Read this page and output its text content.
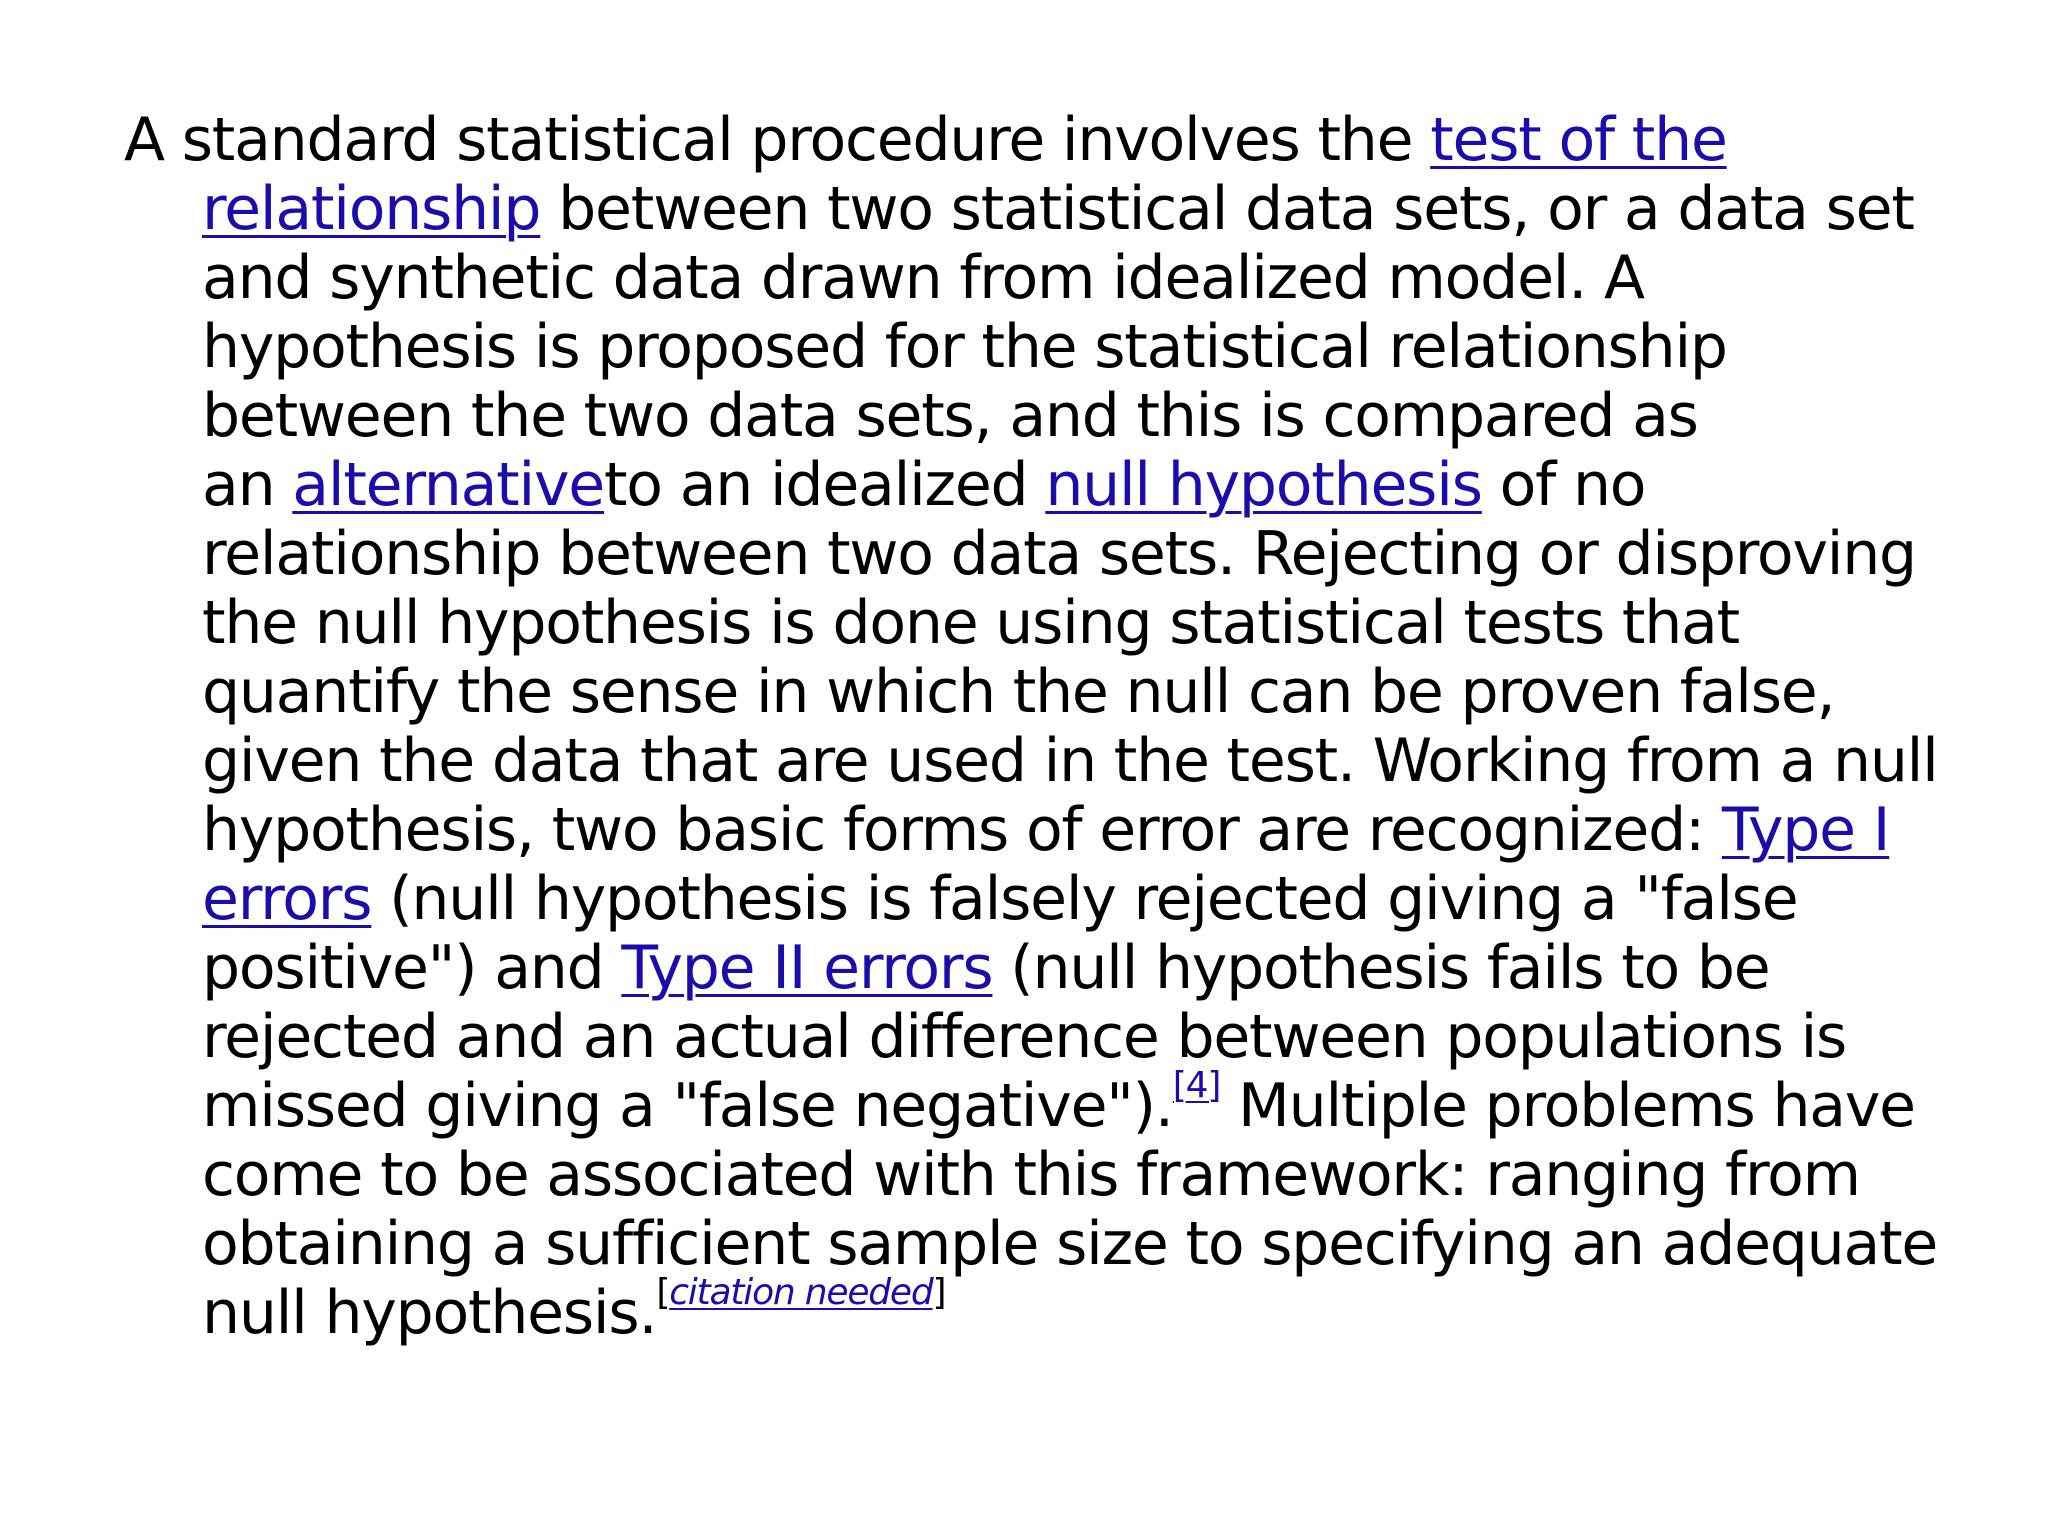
A standard statistical procedure involves the test of the
relationship between two statistical data sets, or a data set
and synthetic data drawn from idealized model. A
hypothesis is proposed for the statistical relationship
between the two data sets, and this is compared as
an alternativeto an idealized null hypothesis of no
relationship between two data sets. Rejecting or disproving
the null hypothesis is done using statistical tests that
quantify the sense in which the null can be proven false,
given the data that are used in the test. Working from a null
hypothesis, two basic forms of error are recognized: Type I
errors (null hypothesis is falsely rejected giving a "false
positive") and Type II errors (null hypothesis fails to be
rejected and an actual difference between populations is
missed giving a "false negative").[4] Multiple problems have
come to be associated with this framework: ranging from
obtaining a sufficient sample size to specifying an adequate
null hypothesis.[citation needed]
